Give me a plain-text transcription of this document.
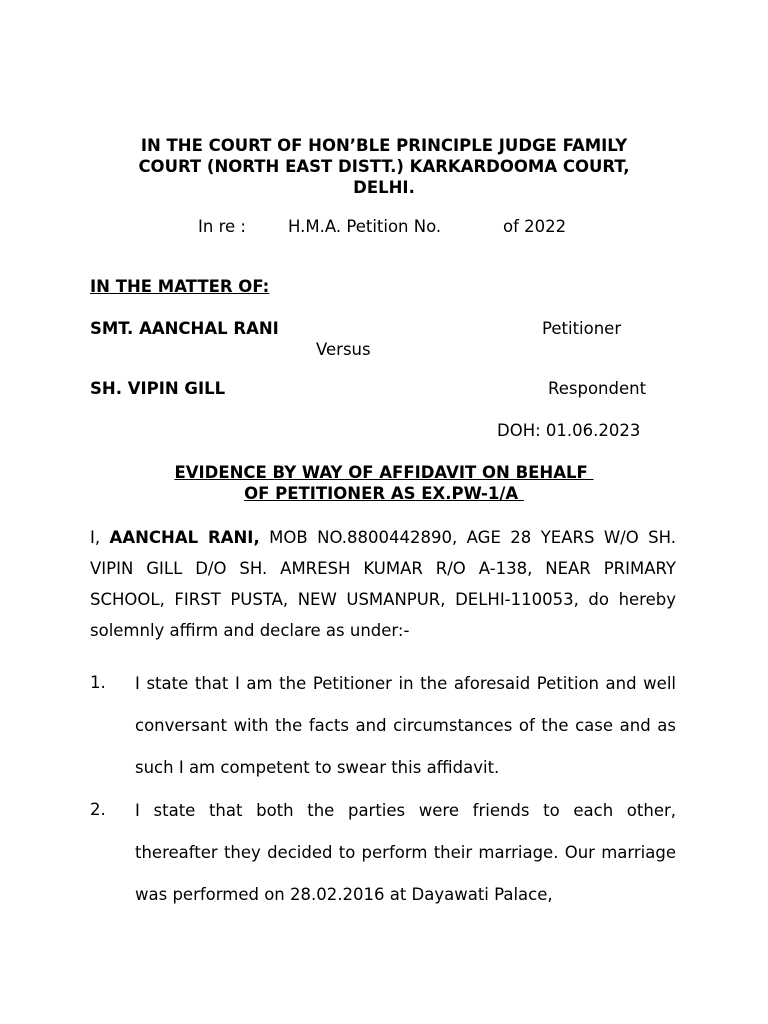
IN THE COURT OF HON’BLE PRINCIPLE JUDGE FAMILY
COURT (NORTH EAST DISTT.) KARKARDOOMA COURT,
DELHI.
In re :	H.M.A. Petition No.	of 2022
IN THE MATTER OF:
SMT. AANCHAL RANI	Petitioner
Versus
SH. VIPIN GILL	Respondent
DOH: 01.06.2023
EVIDENCE BY WAY OF AFFIDAVIT ON BEHALF
OF PETITIONER AS EX.PW-1/A
I, AANCHAL RANI, MOB NO.8800442890, AGE 28 YEARS W/O SH. VIPIN GILL D/O SH. AMRESH KUMAR R/O A-138, NEAR PRIMARY SCHOOL, FIRST PUSTA, NEW USMANPUR, DELHI-110053, do hereby solemnly affirm and declare as under:-
1. I state that I am the Petitioner in the aforesaid Petition and well conversant with the facts and circumstances of the case and as such I am competent to swear this affidavit.
2. I state that both the parties were friends to each other, thereafter they decided to perform their marriage. Our marriage was performed on 28.02.2016 at Dayawati Palace,
